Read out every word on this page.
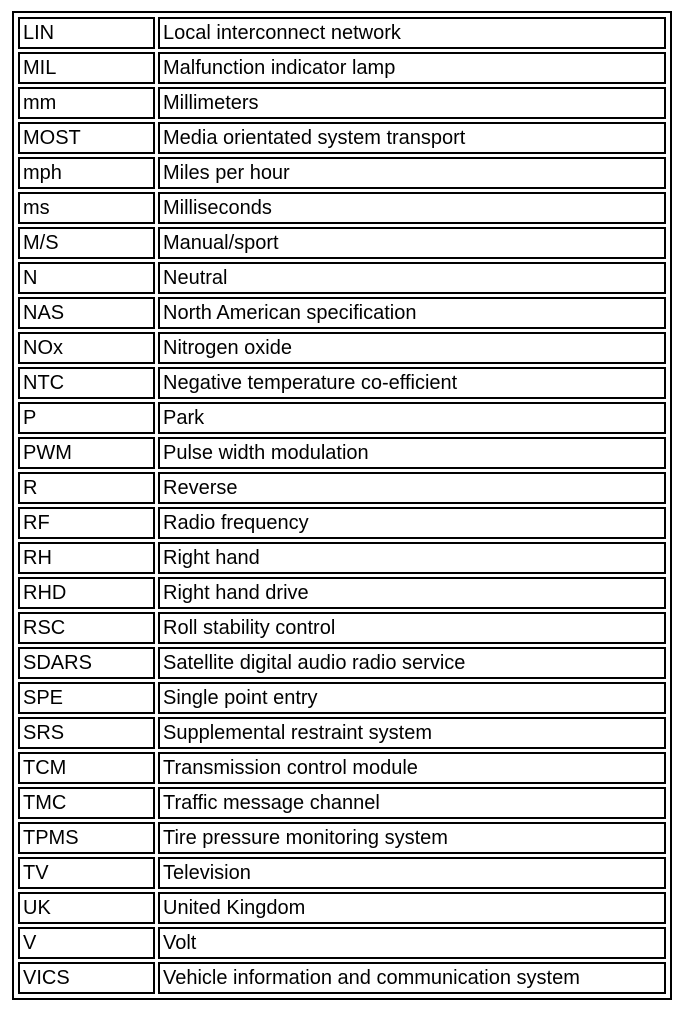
LIN	Local interconnect network
MIL	Malfunction indicator lamp
mm	Millimeters
MOST	Media orientated system transport
mph	Miles per hour
ms	Milliseconds
M/S	Manual/sport
N	Neutral
NAS	North American specification
NOx	Nitrogen oxide
NTC	Negative temperature co-efficient
P	Park
PWM	Pulse width modulation
R	Reverse
RF	Radio frequency
RH	Right hand
RHD	Right hand drive
RSC	Roll stability control
SDARS	Satellite digital audio radio service
SPE	Single point entry
SRS	Supplemental restraint system
TCM	Transmission control module
TMC	Traffic message channel
TPMS	Tire pressure monitoring system
TV	Television
UK	United Kingdom
V	Volt
VICS	Vehicle information and communication system
